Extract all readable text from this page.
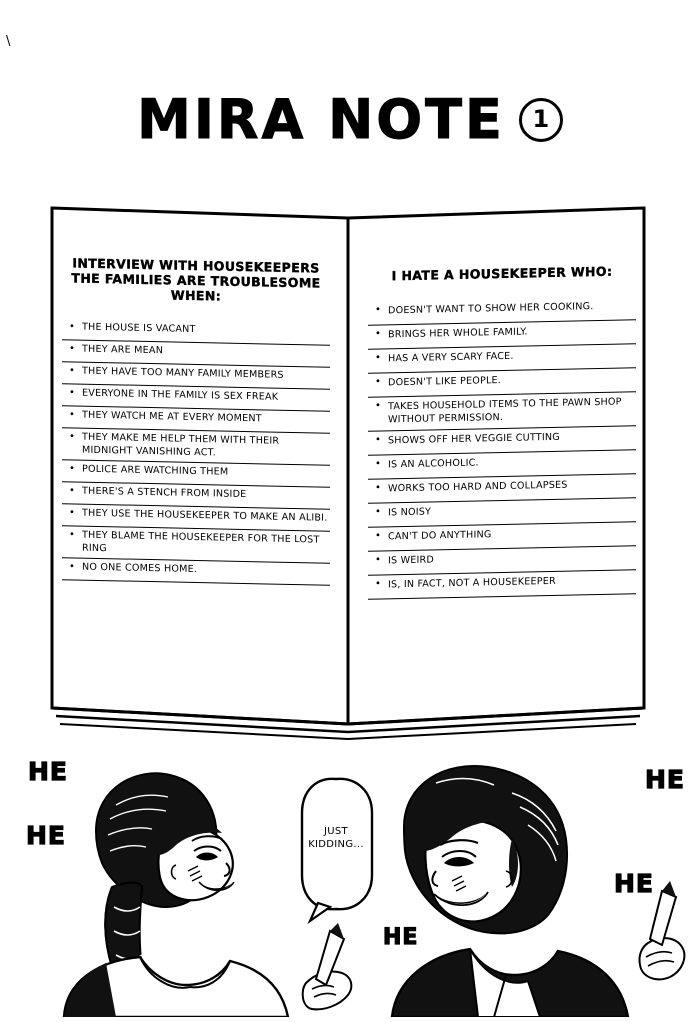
MIRA NOTE 1
INTERVIEW WITH HOUSEKEEPERS
THE FAMILIES ARE TROUBLESOME WHEN:
• THE HOUSE IS VACANT
• THEY ARE MEAN
• THEY HAVE TOO MANY FAMILY MEMBERS
• EVERYONE IN THE FAMILY IS SEX FREAK
• THEY WATCH ME AT EVERY MOMENT
• THEY MAKE ME HELP THEM WITH THEIR MIDNIGHT VANISHING ACT.
• POLICE ARE WATCHING THEM
• THERE'S A STENCH FROM INSIDE
• THEY USE THE HOUSEKEEPER TO MAKE AN ALIBI.
• THEY BLAME THE HOUSEKEEPER FOR THE LOST RING
• NO ONE COMES HOME.
I HATE A HOUSEKEEPER WHO:
• DOESN'T WANT TO SHOW HER COOKING.
• BRINGS HER WHOLE FAMILY.
• HAS A VERY SCARY FACE.
• DOESN'T LIKE PEOPLE.
• TAKES HOUSEHOLD ITEMS TO THE PAWN SHOP WITHOUT PERMISSION.
• SHOWS OFF HER VEGGIE CUTTING
• IS AN ALCOHOLIC.
• WORKS TOO HARD AND COLLAPSES
• IS NOISY
• CAN'T DO ANYTHING
• IS WEIRD
• IS, IN FACT, NOT A HOUSEKEEPER
HE
HE
HE
HE
HE
JUST
KIDDING...
\
